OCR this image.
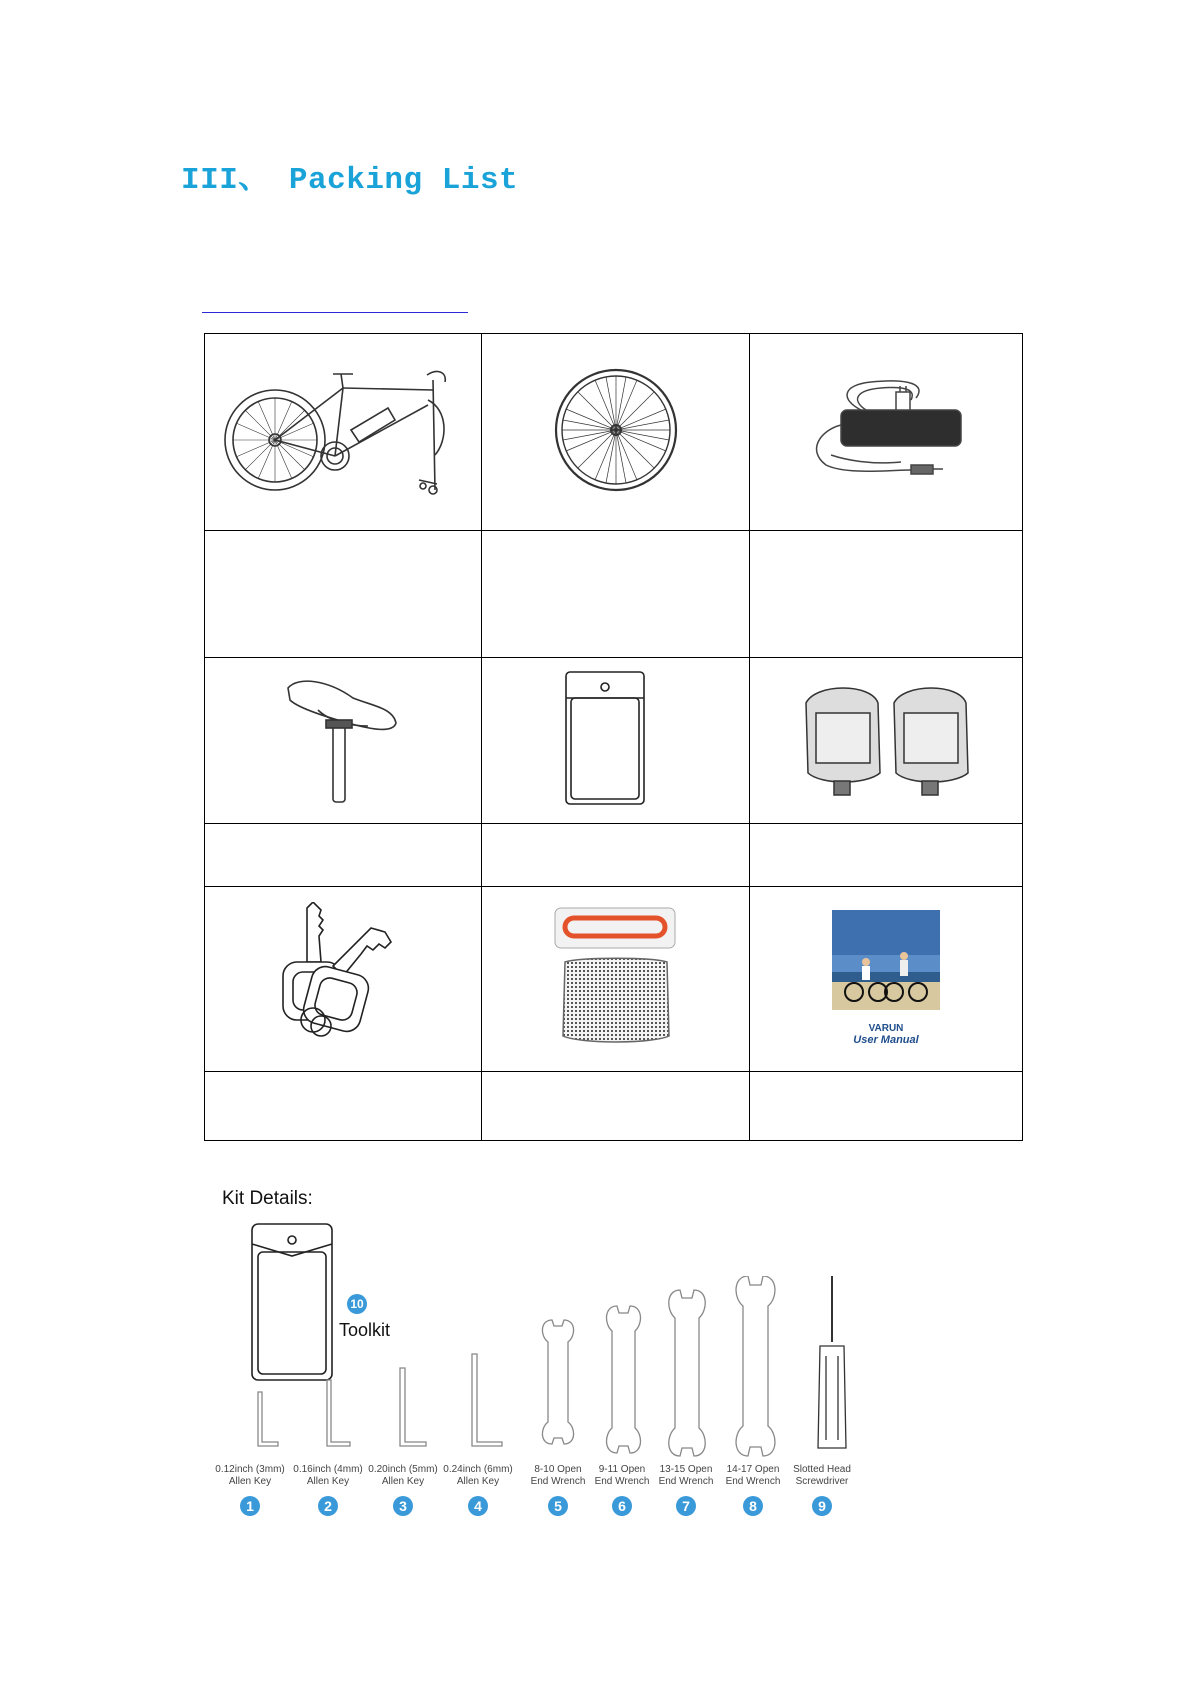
III、 Packing List

VARUN
User Manual

Kit Details:
10
Toolkit
0.12inch (3mm)
Allen Key
0.16inch (4mm)
Allen Key
0.20inch (5mm)
Allen Key
0.24inch (6mm)
Allen Key
8-10 Open
End Wrench
9-11 Open
End Wrench
13-15 Open
End Wrench
14-17 Open
End Wrench
Slotted Head
Screwdriver
1	2	3	4	5	6	7	8	9
